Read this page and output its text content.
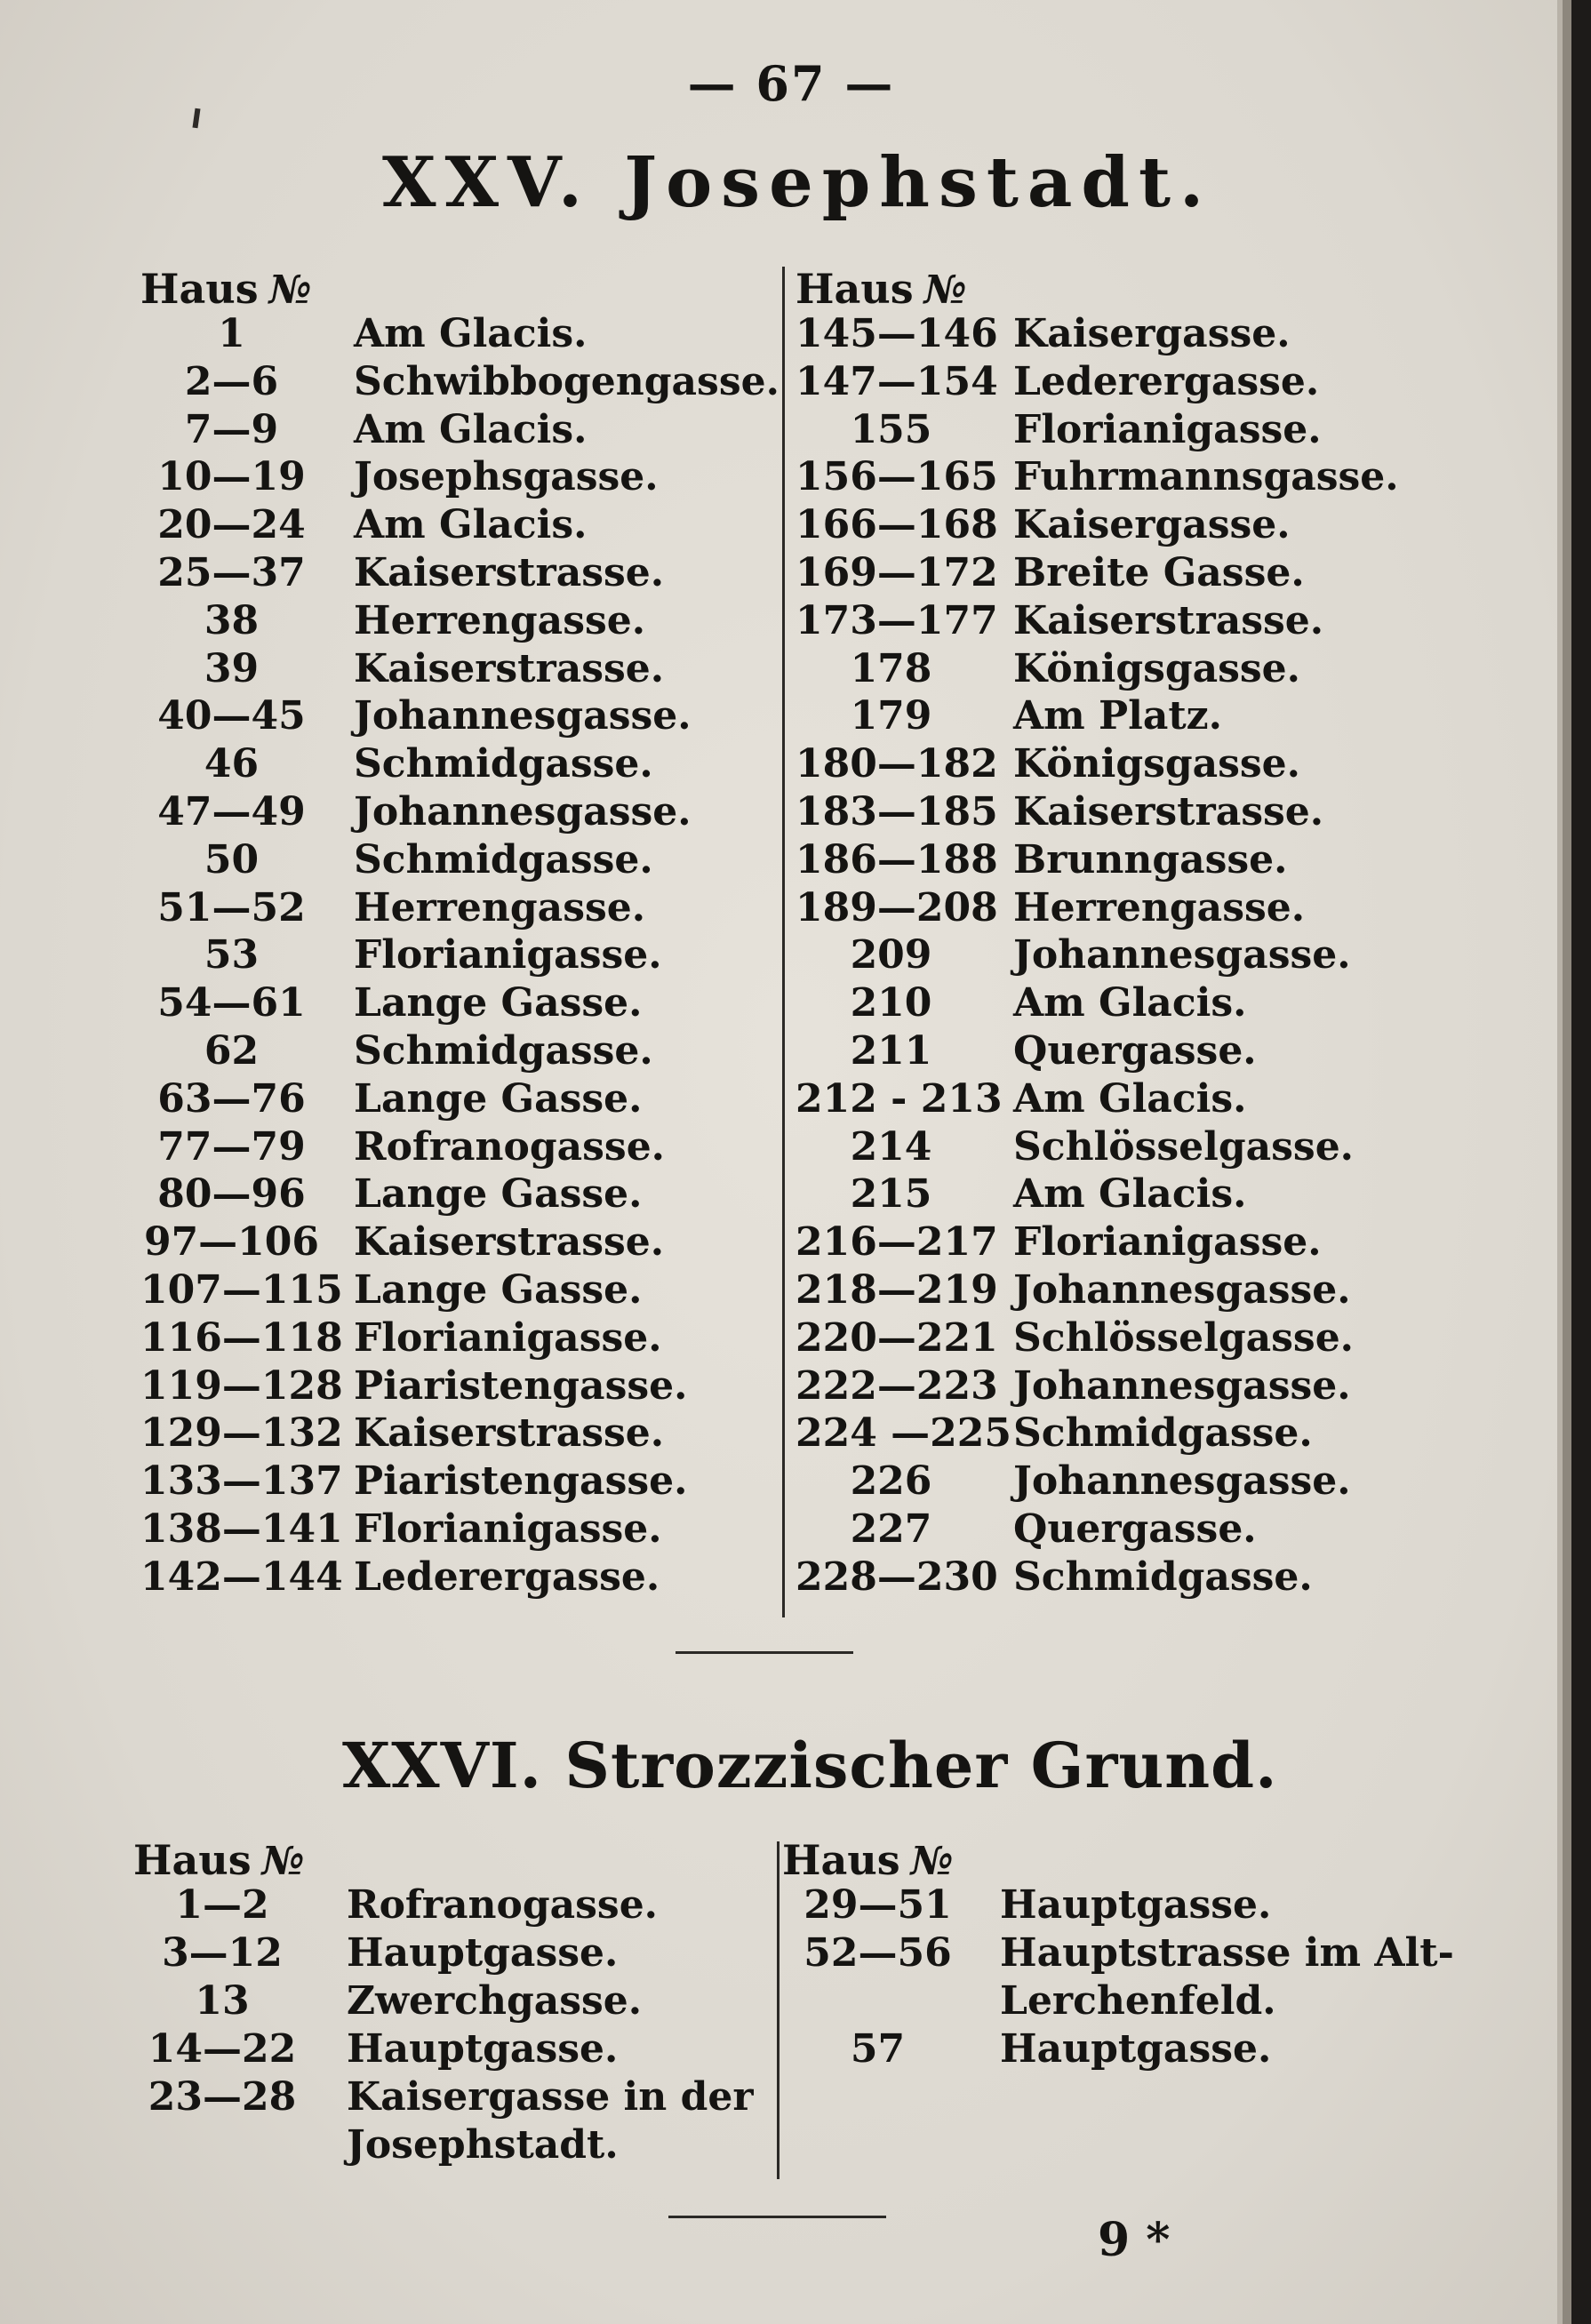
— 67 —
XXV. Josephstadt.
Haus №
1	Am Glacis.
2—6	Schwibbogengasse.
7—9	Am Glacis.
10—19	Josephsgasse.
20—24	Am Glacis.
25—37	Kaiserstrasse.
38	Herrengasse.
39	Kaiserstrasse.
40—45	Johannesgasse.
46	Schmidgasse.
47—49	Johannesgasse.
50	Schmidgasse.
51—52	Herrengasse.
53	Florianigasse.
54—61	Lange Gasse.
62	Schmidgasse.
63—76	Lange Gasse.
77—79	Rofranogasse.
80—96	Lange Gasse.
97—106 Kaiserstrasse.
107—115 Lange Gasse.
116—118 Florianigasse.
119—128 Piaristengasse.
129—132 Kaiserstrasse.
133—137 Piaristengasse.
138—141 Florianigasse.
142—144 Lederergasse.
Haus №
145—146 Kaisergasse.
147—154 Lederergasse.
155	Florianigasse.
156—165 Fuhrmannsgasse.
166—168 Kaisergasse.
169—172 Breite Gasse.
173—177 Kaiserstrasse.
178	Königsgasse.
179	Am Platz.
180—182 Königsgasse.
183—185 Kaiserstrasse.
186—188 Brunngasse.
189—208 Herrengasse.
209	Johannesgasse.
210	Am Glacis.
211	Quergasse.
212 - 213 Am Glacis.
214	Schlösselgasse.
215	Am Glacis.
216—217 Florianigasse.
218—219 Johannesgasse.
220—221 Schlösselgasse.
222—223 Johannesgasse.
224 —225 Schmidgasse.
226	Johannesgasse.
227	Quergasse.
228—230 Schmidgasse.
XXVI. Strozzischer Grund.
Haus №
1—2	Rofranogasse.
3—12	Hauptgasse.
13	Zwerchgasse.
14—22	Hauptgasse.
23—28	Kaisergasse in der
Josephstadt.
Haus №
29—51	Hauptgasse.
52—56	Hauptstrasse im Alt-
Lerchenfeld.
57	Hauptgasse.
9 *
